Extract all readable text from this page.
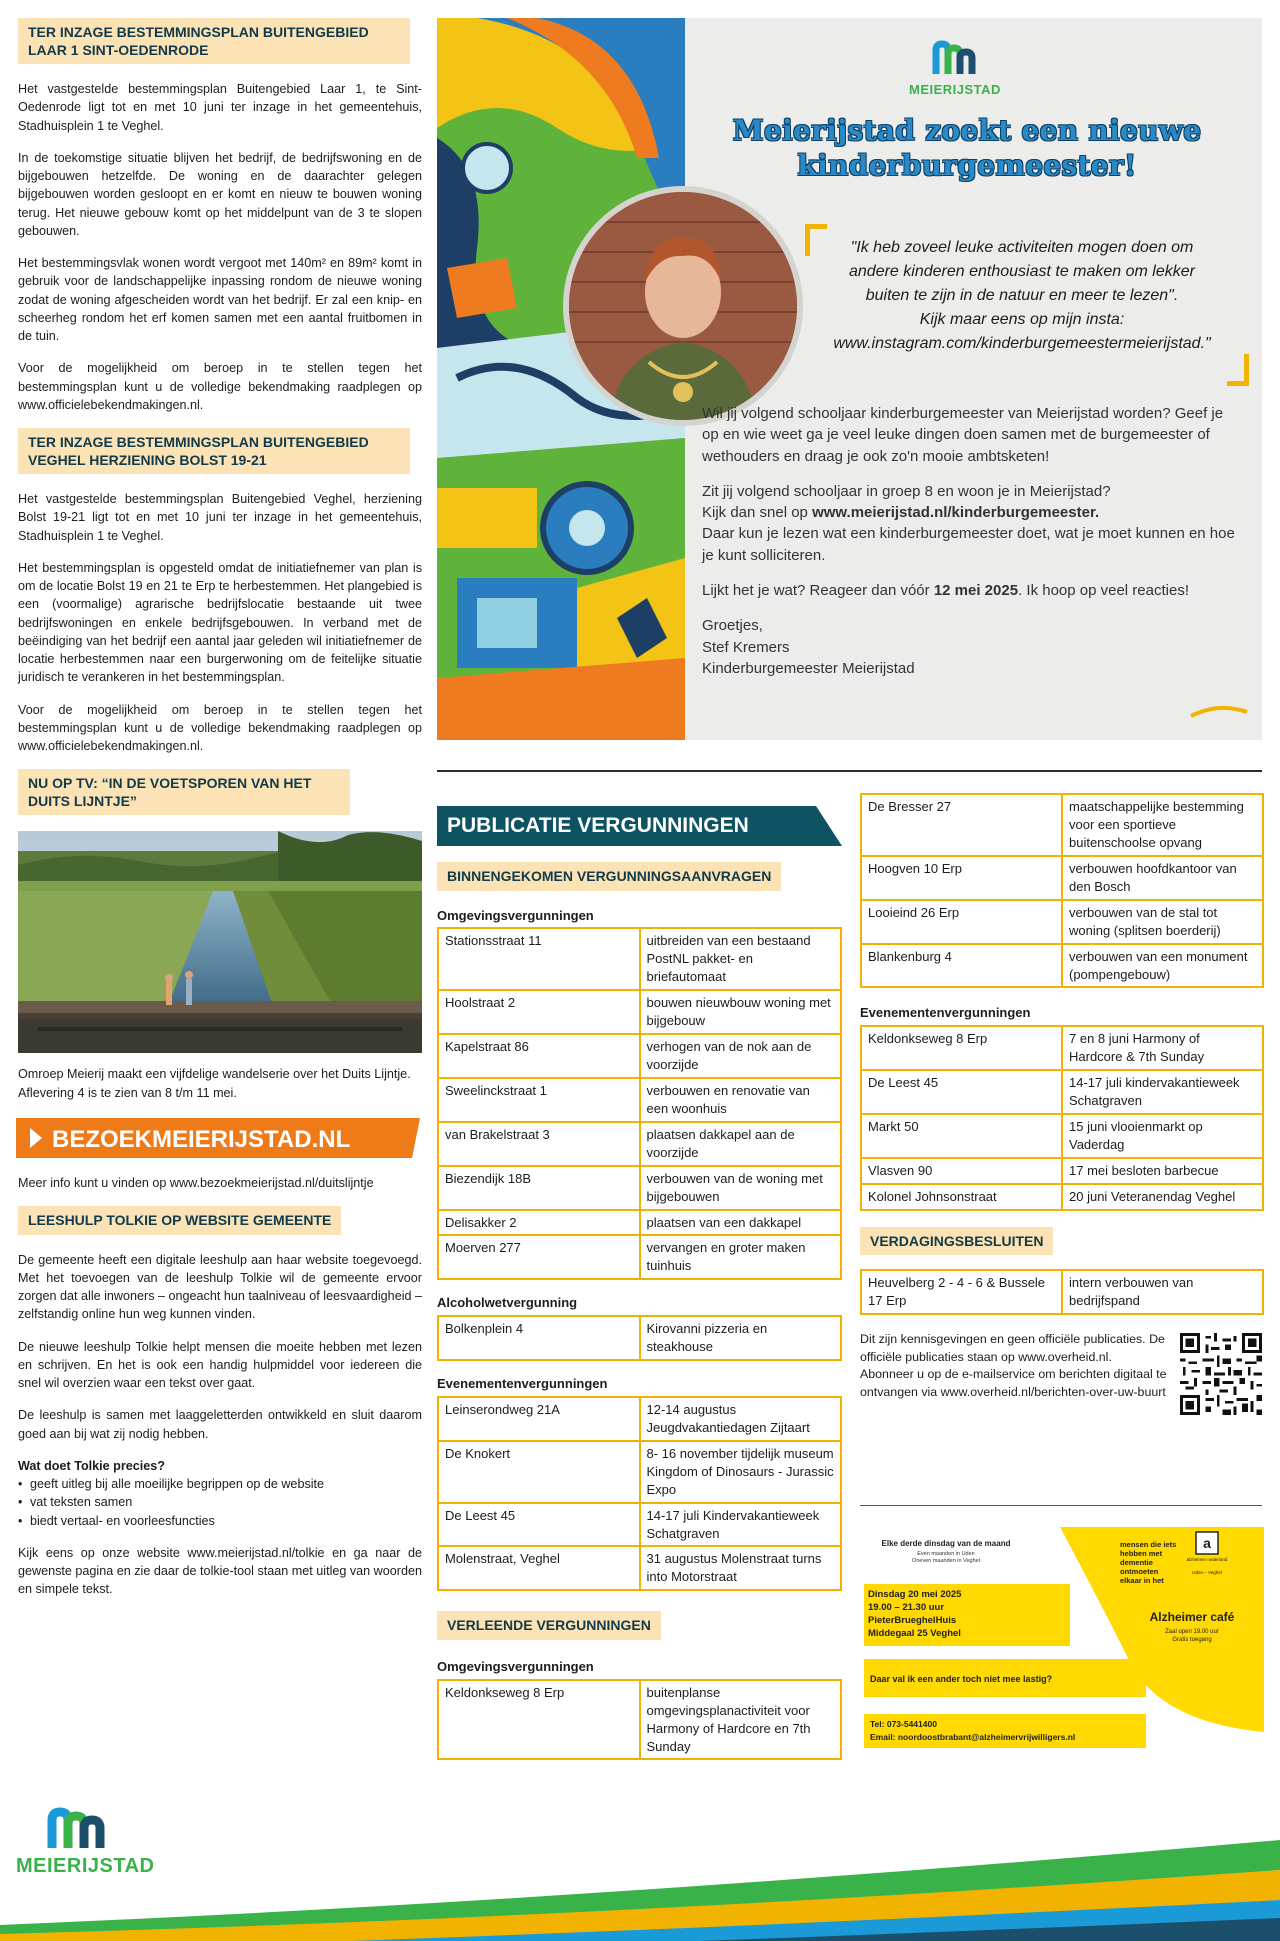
TER INZAGE BESTEMMINGSPLAN BUITENGEBIED LAAR 1 SINT-OEDENRODE

Het vastgestelde bestemmingsplan Buitengebied Laar 1, te Sint-Oedenrode ligt tot en met 10 juni ter inzage in het gemeentehuis, Stadhuisplein 1 te Veghel.

In de toekomstige situatie blijven het bedrijf, de bedrijfswoning en de bijgebouwen hetzelfde. De woning en de daarachter gelegen bijgebouwen worden gesloopt en er komt en nieuw te bouwen woning terug. Het nieuwe gebouw komt op het middelpunt van de 3 te slopen gebouwen.

Het bestemmingsvlak wonen wordt vergoot met 140m² en 89m² komt in gebruik voor de landschappelijke inpassing rondom de nieuwe woning zodat de woning afgescheiden wordt van het bedrijf. Er zal een knip- en scheerheg rondom het erf komen samen met een aantal fruitbomen in de tuin.

Voor de mogelijkheid om beroep in te stellen tegen het bestemmingsplan kunt u de volledige bekendmaking raadplegen op www.officielebekendmakingen.nl.

TER INZAGE BESTEMMINGSPLAN BUITENGEBIED VEGHEL HERZIENING BOLST 19-21

Het vastgestelde bestemmingsplan Buitengebied Veghel, herziening Bolst 19-21 ligt tot en met 10 juni ter inzage in het gemeentehuis, Stadhuisplein 1 te Veghel.

Het bestemmingsplan is opgesteld omdat de initiatiefnemer van plan is om de locatie Bolst 19 en 21 te Erp te herbestemmen. Het plangebied is een (voormalige) agrarische bedrijfslocatie bestaande uit twee bedrijfswoningen en enkele bedrijfsgebouwen. In verband met de beëindiging van het bedrijf een aantal jaar geleden wil initiatiefnemer de locatie herbestemmen naar een burgerwoning om de feitelijke situatie juridisch te verankeren in het bestemmingsplan.

Voor de mogelijkheid om beroep in te stellen tegen het bestemmingsplan kunt u de volledige bekendmaking raadplegen op www.officielebekendmakingen.nl.

NU OP TV: “IN DE VOETSPOREN VAN HET DUITS LIJNTJE”

Omroep Meierij maakt een vijfdelige wandelserie over het Duits Lijntje. Aflevering 4 is te zien van 8 t/m 11 mei.

BEZOEKMEIERIJSTAD.NL

Meer info kunt u vinden op www.bezoekmeierijstad.nl/duitslijntje

LEESHULP TOLKIE OP WEBSITE GEMEENTE

De gemeente heeft een digitale leeshulp aan haar website toegevoegd. Met het toevoegen van de leeshulp Tolkie wil de gemeente ervoor zorgen dat alle inwoners – ongeacht hun taalniveau of leesvaardigheid – zelfstandig online hun weg kunnen vinden.

De nieuwe leeshulp Tolkie helpt mensen die moeite hebben met lezen en schrijven. En het is ook een handig hulpmiddel voor iedereen die snel wil overzien waar een tekst over gaat.

De leeshulp is samen met laaggeletterden ontwikkeld en sluit daarom goed aan bij wat zij nodig hebben.

Wat doet Tolkie precies?

• geeft uitleg bij alle moeilijke begrippen op de website
• vat teksten samen
• biedt vertaal- en voorleesfuncties

Kijk eens op onze website www.meierijstad.nl/tolkie en ga naar de gewenste pagina en zie daar de tolkie-tool staan met uitleg van woorden en simpele tekst.

MEIERIJSTAD
Meierijstad zoekt een nieuwe
kinderburgemeester!
"Ik heb zoveel leuke activiteiten mogen doen om
andere kinderen enthousiast te maken om lekker
buiten te zijn in de natuur en meer te lezen".
Kijk maar eens op mijn insta:
www.instagram.com/kinderburgemeestermeierijstad."

Wil jij volgend schooljaar kinderburgemeester van Meierijstad worden? Geef je op en wie weet ga je veel leuke dingen doen samen met de burgemeester of wethouders en draag je ook zo'n mooie ambtsketen!

Zit jij volgend schooljaar in groep 8 en woon je in Meierijstad?
Kijk dan snel op www.meierijstad.nl/kinderburgemeester.
Daar kun je lezen wat een kinderburgemeester doet, wat je moet kunnen en hoe je kunt solliciteren.

Lijkt het je wat? Reageer dan vóór 12 mei 2025. Ik hoop op veel reacties!

Groetjes,
Stef Kremers
Kinderburgemeester Meierijstad

PUBLICATIE VERGUNNINGEN
BINNENGEKOMEN VERGUNNINGSAANVRAGEN
Omgevingsvergunningen
Stationsstraat 11	uitbreiden van een bestaand PostNL pakket- en briefautomaat
Hoolstraat 2	bouwen nieuwbouw woning met bijgebouw
Kapelstraat 86	verhogen van de nok aan de voorzijde
Sweelinckstraat 1	verbouwen en renovatie van een woonhuis
van Brakelstraat 3	plaatsen dakkapel aan de voorzijde
Biezendijk 18B	verbouwen van de woning met bijgebouwen
Delisakker 2	plaatsen van een dakkapel
Moerven 277	vervangen en groter maken tuinhuis
Alcoholwetvergunning
Bolkenplein 4	Kirovanni pizzeria en steakhouse
Evenementenvergunningen
Leinserondweg 21A	12-14 augustus Jeugdvakantiedagen Zijtaart
De Knokert	8- 16 november tijdelijk museum Kingdom of Dinosaurs - Jurassic Expo
De Leest 45	14-17 juli Kindervakantieweek Schatgraven
Molenstraat, Veghel	31 augustus Molenstraat turns into Motorstraat
VERLEENDE VERGUNNINGEN
Omgevingsvergunningen
Keldonkseweg 8 Erp	buitenplanse omgevingsplanactiviteit voor Harmony of Hardcore en 7th Sunday
De Bresser 27	maatschappelijke bestemming voor een sportieve buitenschoolse opvang
Hoogven 10 Erp	verbouwen hoofdkantoor van den Bosch
Looieind 26 Erp	verbouwen van de stal tot woning (splitsen boerderij)
Blankenburg 4	verbouwen van een monument (pompengebouw)
Evenementenvergunningen
Keldonkseweg 8 Erp	7 en 8 juni Harmony of Hardcore & 7th Sunday
De Leest 45	14-17 juli kindervakantieweek Schatgraven
Markt 50	15 juni vlooienmarkt op Vaderdag
Vlasven 90	17 mei besloten barbecue
Kolonel Johnsonstraat	20 juni Veteranendag Veghel
VERDAGINGSBESLUITEN
Heuvelberg 2 - 4 - 6 & Bussele 17 Erp	intern verbouwen van bedrijfspand
Dit zijn kennisgevingen en geen officiële publicaties. De officiële publicaties staan op www.overheid.nl. Abonneer u op de e-mailservice om berichten digitaal te ontvangen via www.overheid.nl/berichten-over-uw-buurt
Elke derde dinsdag van de maand
Even maanden in Uden
Oneven maanden in Veghel
mensen die iets
hebben met
dementie
ontmoeten
elkaar in het
a
alzheimer nederland
Uden – Veghel
Dinsdag 20 mei 2025
19.00 – 21.30 uur
PieterBrueghelHuis
Middegaal 25 Veghel
Alzheimer café
Zaal open 19.00 uur
Gratis toegang
Daar val ik een ander toch niet mee lastig?
Tel: 073-5441400
Email: noordoostbrabant@alzheimervrijwilligers.nl
MEIERIJSTAD
